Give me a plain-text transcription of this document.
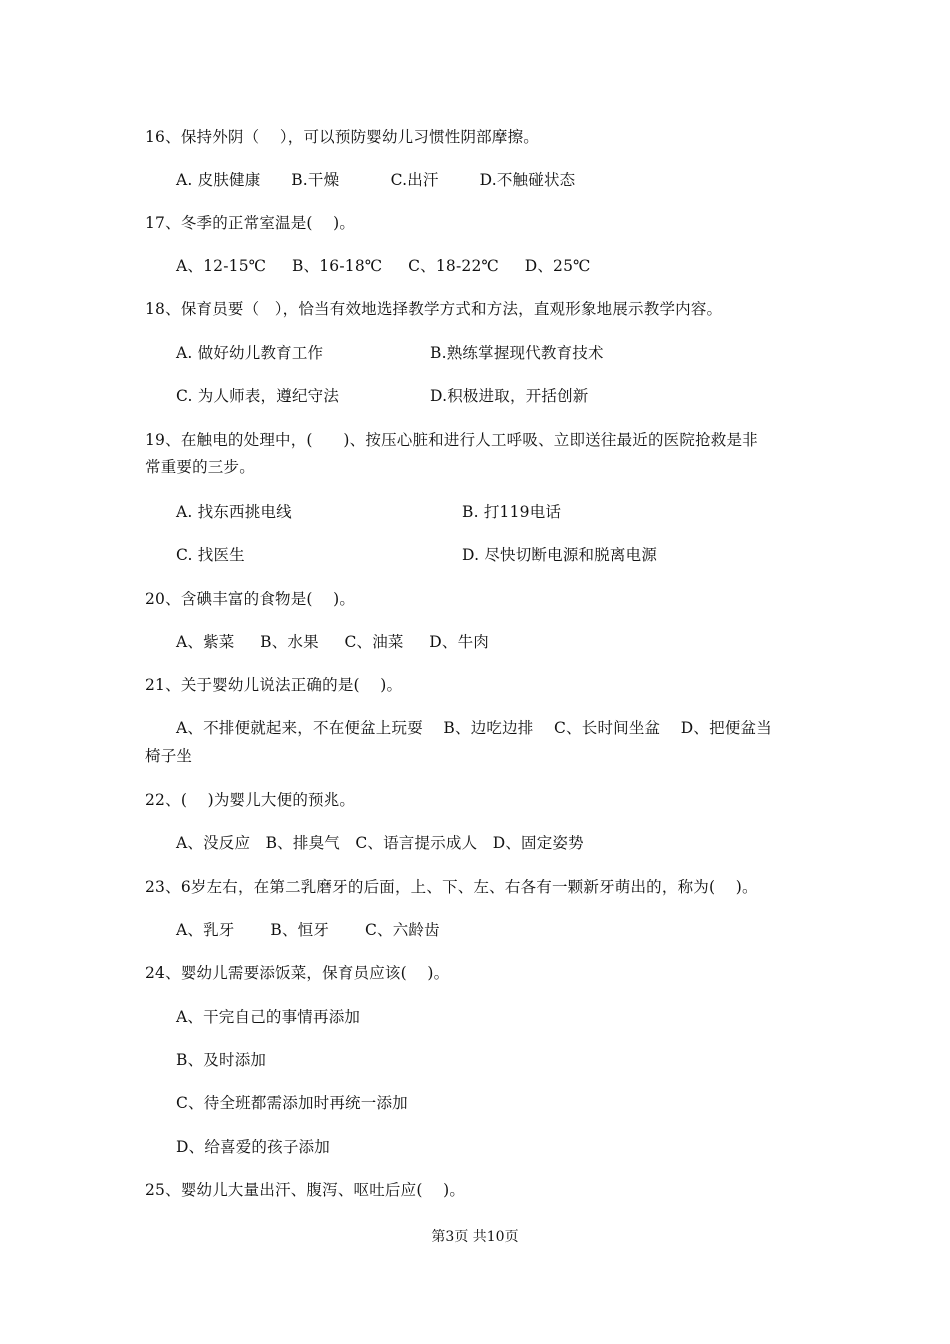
16、保持外阴（    ），可以预防婴幼儿习惯性阴部摩擦。
A. 皮肤健康      B.干燥          C.出汗        D.不触碰状态
17、冬季的正常室温是(    )。
A、12-15℃     B、16-18℃     C、18-22℃     D、25℃
18、保育员要（   ），恰当有效地选择教学方式和方法，直观形象地展示教学内容。
A. 做好幼儿教育工作	B.熟练掌握现代教育技术
C. 为人师表，遵纪守法	D.积极进取，开括创新
19、在触电的处理中，(      )、按压心脏和进行人工呼吸、立即送往最近的医院抢救是非
常重要的三步。
A. 找东西挑电线	B. 打119电话
C. 找医生	D. 尽快切断电源和脱离电源
20、含碘丰富的食物是(    )。
A、紫菜     B、水果     C、油菜     D、牛肉
21、关于婴幼儿说法正确的是(    )。
A、不排便就起来，不在便盆上玩耍    B、边吃边排    C、长时间坐盆    D、把便盆当
椅子坐
22、(    )为婴儿大便的预兆。
A、没反应   B、排臭气   C、语言提示成人   D、固定姿势
23、6岁左右，在第二乳磨牙的后面，上、下、左、右各有一颗新牙萌出的，称为(    )。
A、乳牙       B、恒牙       C、六龄齿
24、婴幼儿需要添饭菜，保育员应该(    )。
A、干完自己的事情再添加
B、及时添加
C、待全班都需添加时再统一添加
D、给喜爱的孩子添加
25、婴幼儿大量出汗、腹泻、呕吐后应(    )。
第3页 共10页
